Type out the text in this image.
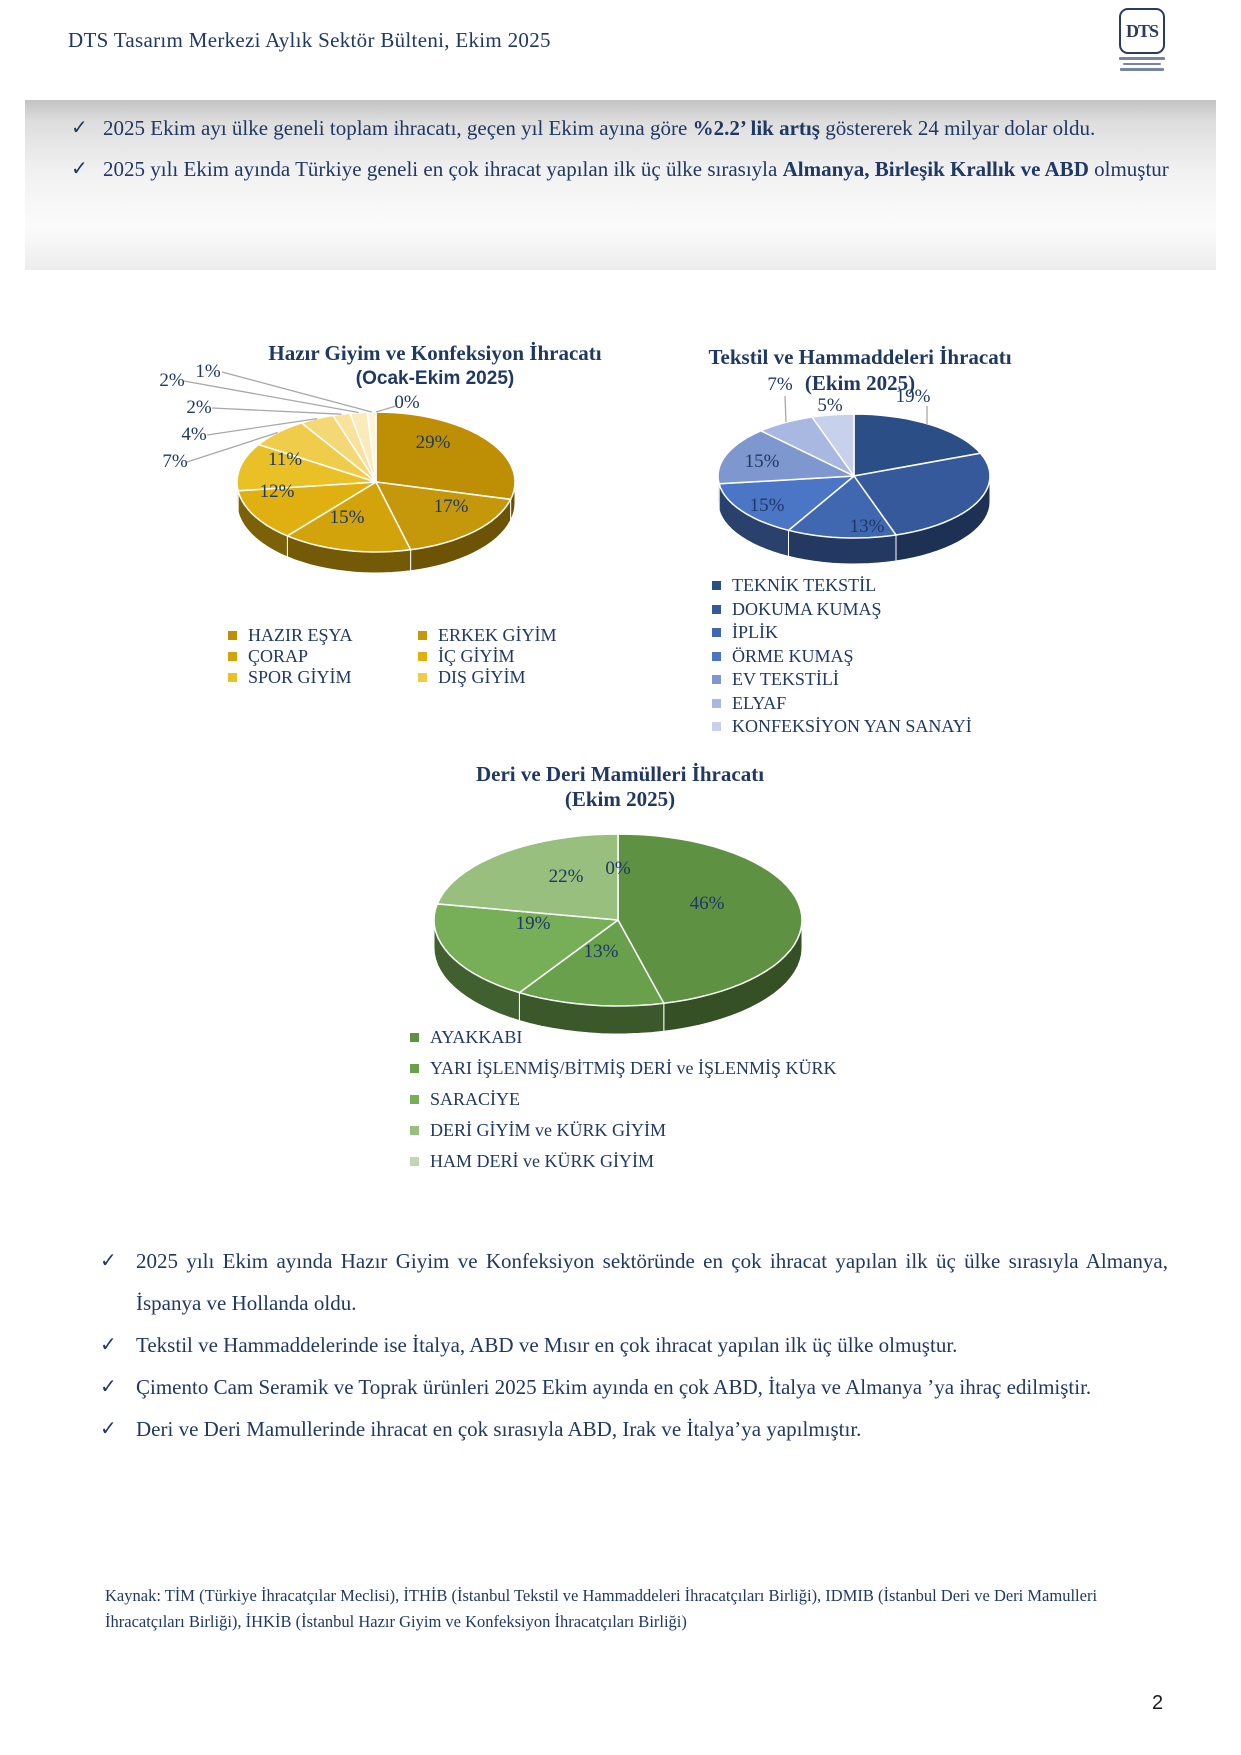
DTS Tasarım Merkezi Aylık Sektör Bülteni, Ekim 2025	DTS
✓ 2025 Ekim ayı ülke geneli toplam ihracatı, geçen yıl Ekim ayına göre %2.2’ lik artış göstererek 24 milyar dolar oldu.

✓ 2025 yılı Ekim ayında Türkiye geneli en çok ihracat yapılan ilk üç ülke sırasıyla Almanya, Birleşik Krallık ve ABD olmuştur

Hazır Giyim ve Konfeksiyon İhracatı
(Ocak-Ekim 2025)
29%
17%
15%
12%
11%
7%
4%
2%
2% 1%
0%
HAZIR EŞYA
ÇORAP
SPOR GİYİM
ERKEK GİYİM
İÇ GİYİM
DIŞ GİYİM
Tekstil ve Hammaddeleri İhracatı
(Ekim 2025)
19%
13%
15%
15%
7%
5%
TEKNİK TEKSTİL
DOKUMA KUMAŞ
İPLİK
ÖRME KUMAŞ
EV TEKSTİLİ
ELYAF
KONFEKSİYON YAN SANAYİ
Deri ve Deri Mamülleri İhracatı
(Ekim 2025)
46%
13%
19%
22% 0%
AYAKKABI
YARI İŞLENMİŞ/BİTMİŞ DERİ ve İŞLENMİŞ KÜRK
SARACİYE
DERİ GİYİM ve KÜRK GİYİM
HAM DERİ ve KÜRK GİYİM
✓ 2025 yılı Ekim ayında Hazır Giyim ve Konfeksiyon sektöründe en çok ihracat yapılan ilk üç ülke sırasıyla Almanya, İspanya ve Hollanda oldu.

✓ Tekstil ve Hammaddelerinde ise İtalya, ABD ve Mısır en çok ihracat yapılan ilk üç ülke olmuştur.

✓ Çimento Cam Seramik ve Toprak ürünleri 2025 Ekim ayında en çok ABD, İtalya ve Almanya ’ya ihraç edilmiştir.

✓ Deri ve Deri Mamullerinde ihracat en çok sırasıyla ABD, Irak ve İtalya’ya yapılmıştır.

Kaynak: TİM (Türkiye İhracatçılar Meclisi), İTHİB (İstanbul Tekstil ve Hammaddeleri İhracatçıları Birliği), IDMIB (İstanbul Deri ve Deri Mamulleri İhracatçıları Birliği), İHKİB (İstanbul Hazır Giyim ve Konfeksiyon İhracatçıları Birliği)
2
